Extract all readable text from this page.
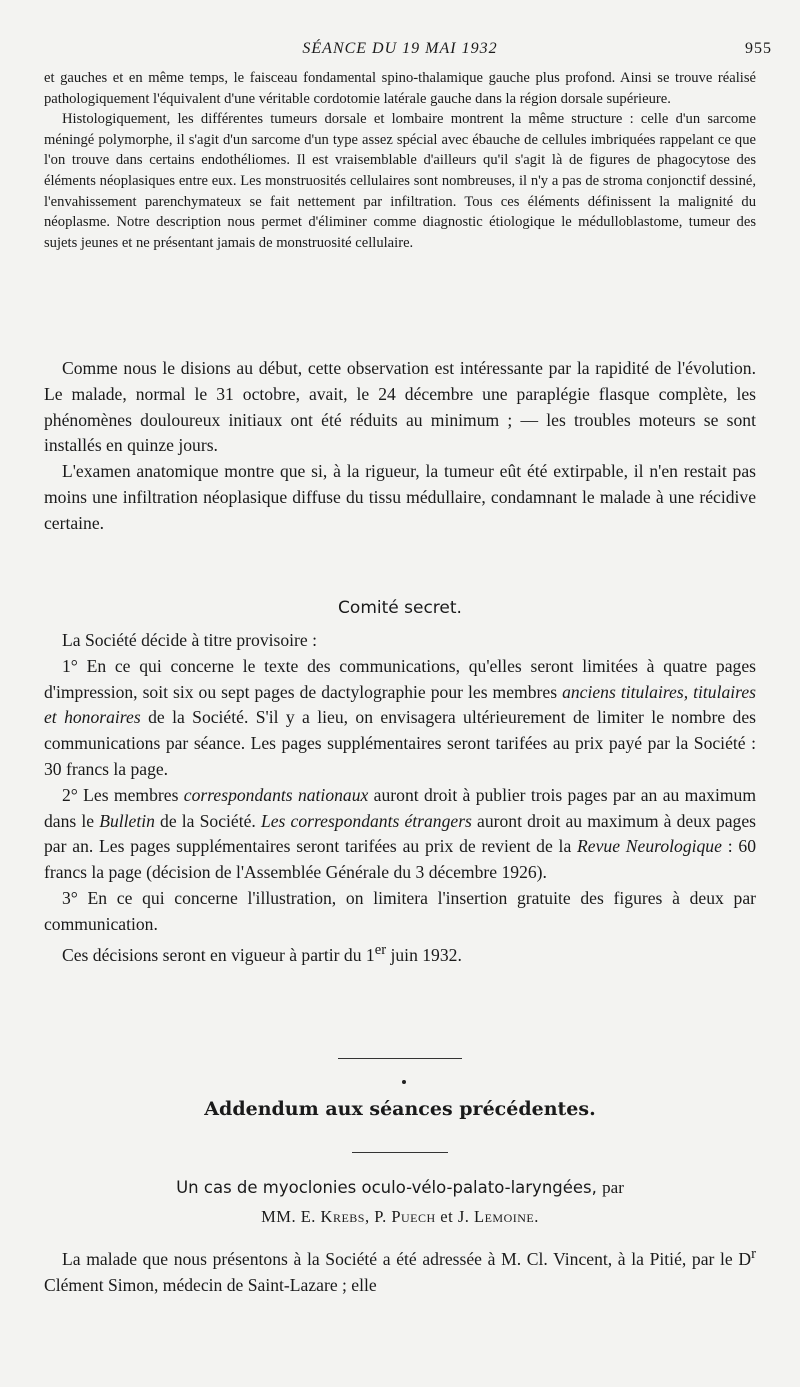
SÉANCE DU 19 MAI 1932	955

et gauches et en même temps, le faisceau fondamental spino-thalamique gauche plus profond. Ainsi se trouve réalisé pathologiquement l'équivalent d'une véritable cordotomie latérale gauche dans la région dorsale supérieure.

Histologiquement, les différentes tumeurs dorsale et lombaire montrent la même structure : celle d'un sarcome méningé polymorphe, il s'agit d'un sarcome d'un type assez spécial avec ébauche de cellules imbriquées rappelant ce que l'on trouve dans certains endothéliomes. Il est vraisemblable d'ailleurs qu'il s'agit là de figures de phagocytose des éléments néoplasiques entre eux. Les monstruosités cellulaires sont nombreuses, il n'y a pas de stroma conjonctif dessiné, l'envahissement parenchymateux se fait nettement par infiltration. Tous ces éléments définissent la malignité du néoplasme. Notre description nous permet d'éliminer comme diagnostic étiologique le médulloblastome, tumeur des sujets jeunes et ne présentant jamais de monstruosité cellulaire.

Comme nous le disions au début, cette observation est intéressante par la rapidité de l'évolution. Le malade, normal le 31 octobre, avait, le 24 décembre une paraplégie flasque complète, les phénomènes douloureux initiaux ont été réduits au minimum ; — les troubles moteurs se sont installés en quinze jours.

L'examen anatomique montre que si, à la rigueur, la tumeur eût été extirpable, il n'en restait pas moins une infiltration néoplasique diffuse du tissu médullaire, condamnant le malade à une récidive certaine.

Comité secret.

La Société décide à titre provisoire :

1° En ce qui concerne le texte des communications, qu'elles seront limitées à quatre pages d'impression, soit six ou sept pages de dactylographie pour les membres anciens titulaires, titulaires et honoraires de la Société. S'il y a lieu, on envisagera ultérieurement de limiter le nombre des communications par séance. Les pages supplémentaires seront tarifées au prix payé par la Société : 30 francs la page.

2° Les membres correspondants nationaux auront droit à publier trois pages par an au maximum dans le Bulletin de la Société. Les correspondants étrangers auront droit au maximum à deux pages par an. Les pages supplémentaires seront tarifées au prix de revient de la Revue Neurologique : 60 francs la page (décision de l'Assemblée Générale du 3 décembre 1926).

3° En ce qui concerne l'illustration, on limitera l'insertion gratuite des figures à deux par communication.

Ces décisions seront en vigueur à partir du 1er juin 1932.

Addendum aux séances précédentes.
Un cas de myoclonies oculo-vélo-palato-laryngées, par
MM. E. Krebs, P. Puech et J. Lemoine.

La malade que nous présentons à la Société a été adressée à M. Cl. Vincent, à la Pitié, par le $D^r$ Clément Simon, médecin de Saint-Lazare ; elle
